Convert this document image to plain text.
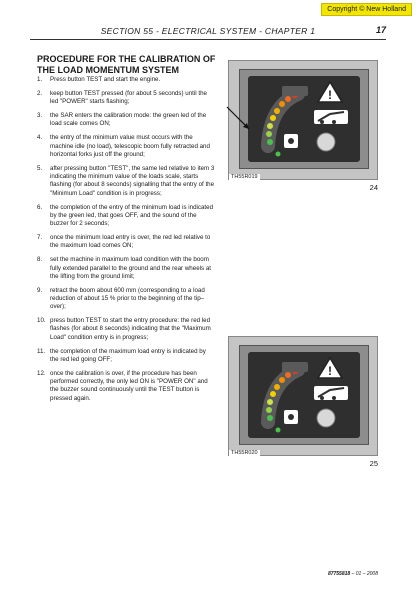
Copyright © New Holland
SECTION 55 - ELECTRICAL SYSTEM - CHAPTER 1	17
PROCEDURE FOR THE CALIBRATION OF THE LOAD MOMENTUM SYSTEM
1.	Press button TEST and start the engine.
2.	keep button TEST pressed (for about 5 seconds) until the led "POWER" starts flashing;
3.	the SAR enters the calibration mode: the green led of the load scale comes ON;
4.	the entry of the minimum value must occurs with the machine idle (no load), telescopic boom fully retracted and horizontal forks just off the ground;
5.	after pressing button "TEST", the same led relative to item 3 indicating the minimum value of the loads scale, starts flashing (for about 8 seconds) signalling that the entry of the "Minimum Load" condition is in progress;
6.	the completion of the entry of the minimum load is indicated by the green led, that goes OFF, and the sound of the buzzer for 2 seconds;
7.	once the minimum load entry is over, the red led relative to the maximum load comes ON;
8.	set the machine in maximum load condition with the boom fully extended parallel to the ground and the rear wheels at the lifting from the ground limit;
9.	retract the boom about 600 mm (corresponding to a load reduction of about 15 % prior to the beginning of the tip–over);
10. press button TEST to start the entry procedure: the red led flashes (for about 8 seconds) indicating that the "Maximum Load" condition entry is in progress;
11. the completion of the maximum load entry is indicated by the red led going OFF;
12. once the calibration is over, if the procedure has been performed correctly, the only led ON is "POWER ON" and the buzzer sound continuously until the TEST button is pressed again.
!
TH55R019
24
!
TH55R020
25
87755818 – 01 – 2008
